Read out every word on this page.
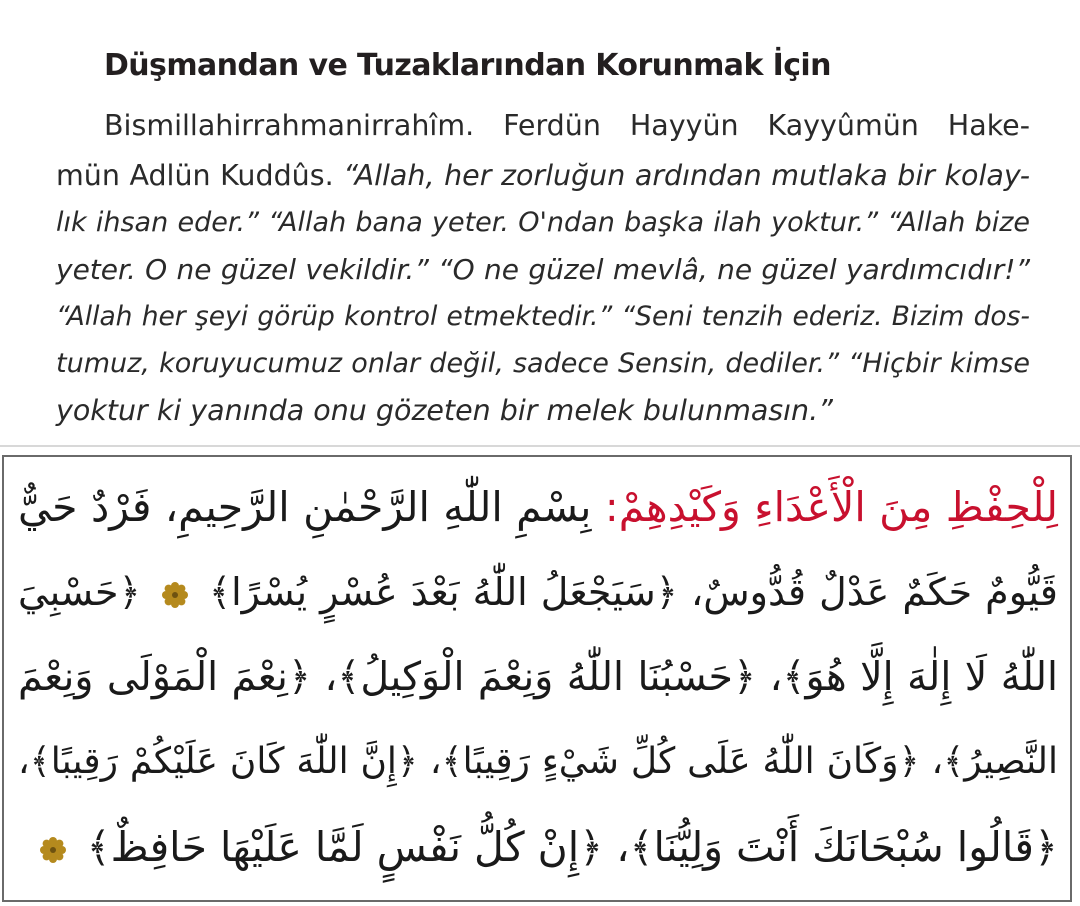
Düşmandan ve Tuzaklarından Korunmak İçin
Bismillahirrahmanirrahîm. Ferdün Hayyün Kayyûmün Hake-
mün Adlün Kuddûs. “Allah, her zorluğun ardından mutlaka bir kolay-
lık ihsan eder.” “Allah bana yeter. O'ndan başka ilah yoktur.” “Allah bize
yeter. O ne güzel vekildir.” “O ne güzel mevlâ, ne güzel yardımcıdır!”
“Allah her şeyi görüp kontrol etmektedir.” “Seni tenzih ederiz. Bizim dos-
tumuz, koruyucumuz onlar değil, sadece Sensin, dediler.” “Hiçbir kimse
yoktur ki yanında onu gözeten bir melek bulunmasın.”
لِلْحِفْظِ مِنَ الْأَعْدَاءِ وَكَيْدِهِمْ: بِسْمِ اللّٰهِ الرَّحْمٰنِ الرَّحِيمِ، فَرْدٌ حَيٌّ
قَيُّومٌ حَكَمٌ عَدْلٌ قُدُّوسٌ، ﴿سَيَجْعَلُ اللّٰهُ بَعْدَ عُسْرٍ يُسْرًا﴾  ﴿حَسْبِيَ
اللّٰهُ لَا إِلٰهَ إِلَّا هُوَ﴾، ﴿حَسْبُنَا اللّٰهُ وَنِعْمَ الْوَكِيلُ﴾، ﴿نِعْمَ الْمَوْلَى وَنِعْمَ
النَّصِيرُ﴾، ﴿وَكَانَ اللّٰهُ عَلَى كُلِّ شَيْءٍ رَقِيبًا﴾، ﴿إِنَّ اللّٰهَ كَانَ عَلَيْكُمْ رَقِيبًا﴾،
﴿قَالُوا سُبْحَانَكَ أَنْتَ وَلِيُّنَا﴾، ﴿إِنْ كُلُّ نَفْسٍ لَمَّا عَلَيْهَا حَافِظٌ﴾
